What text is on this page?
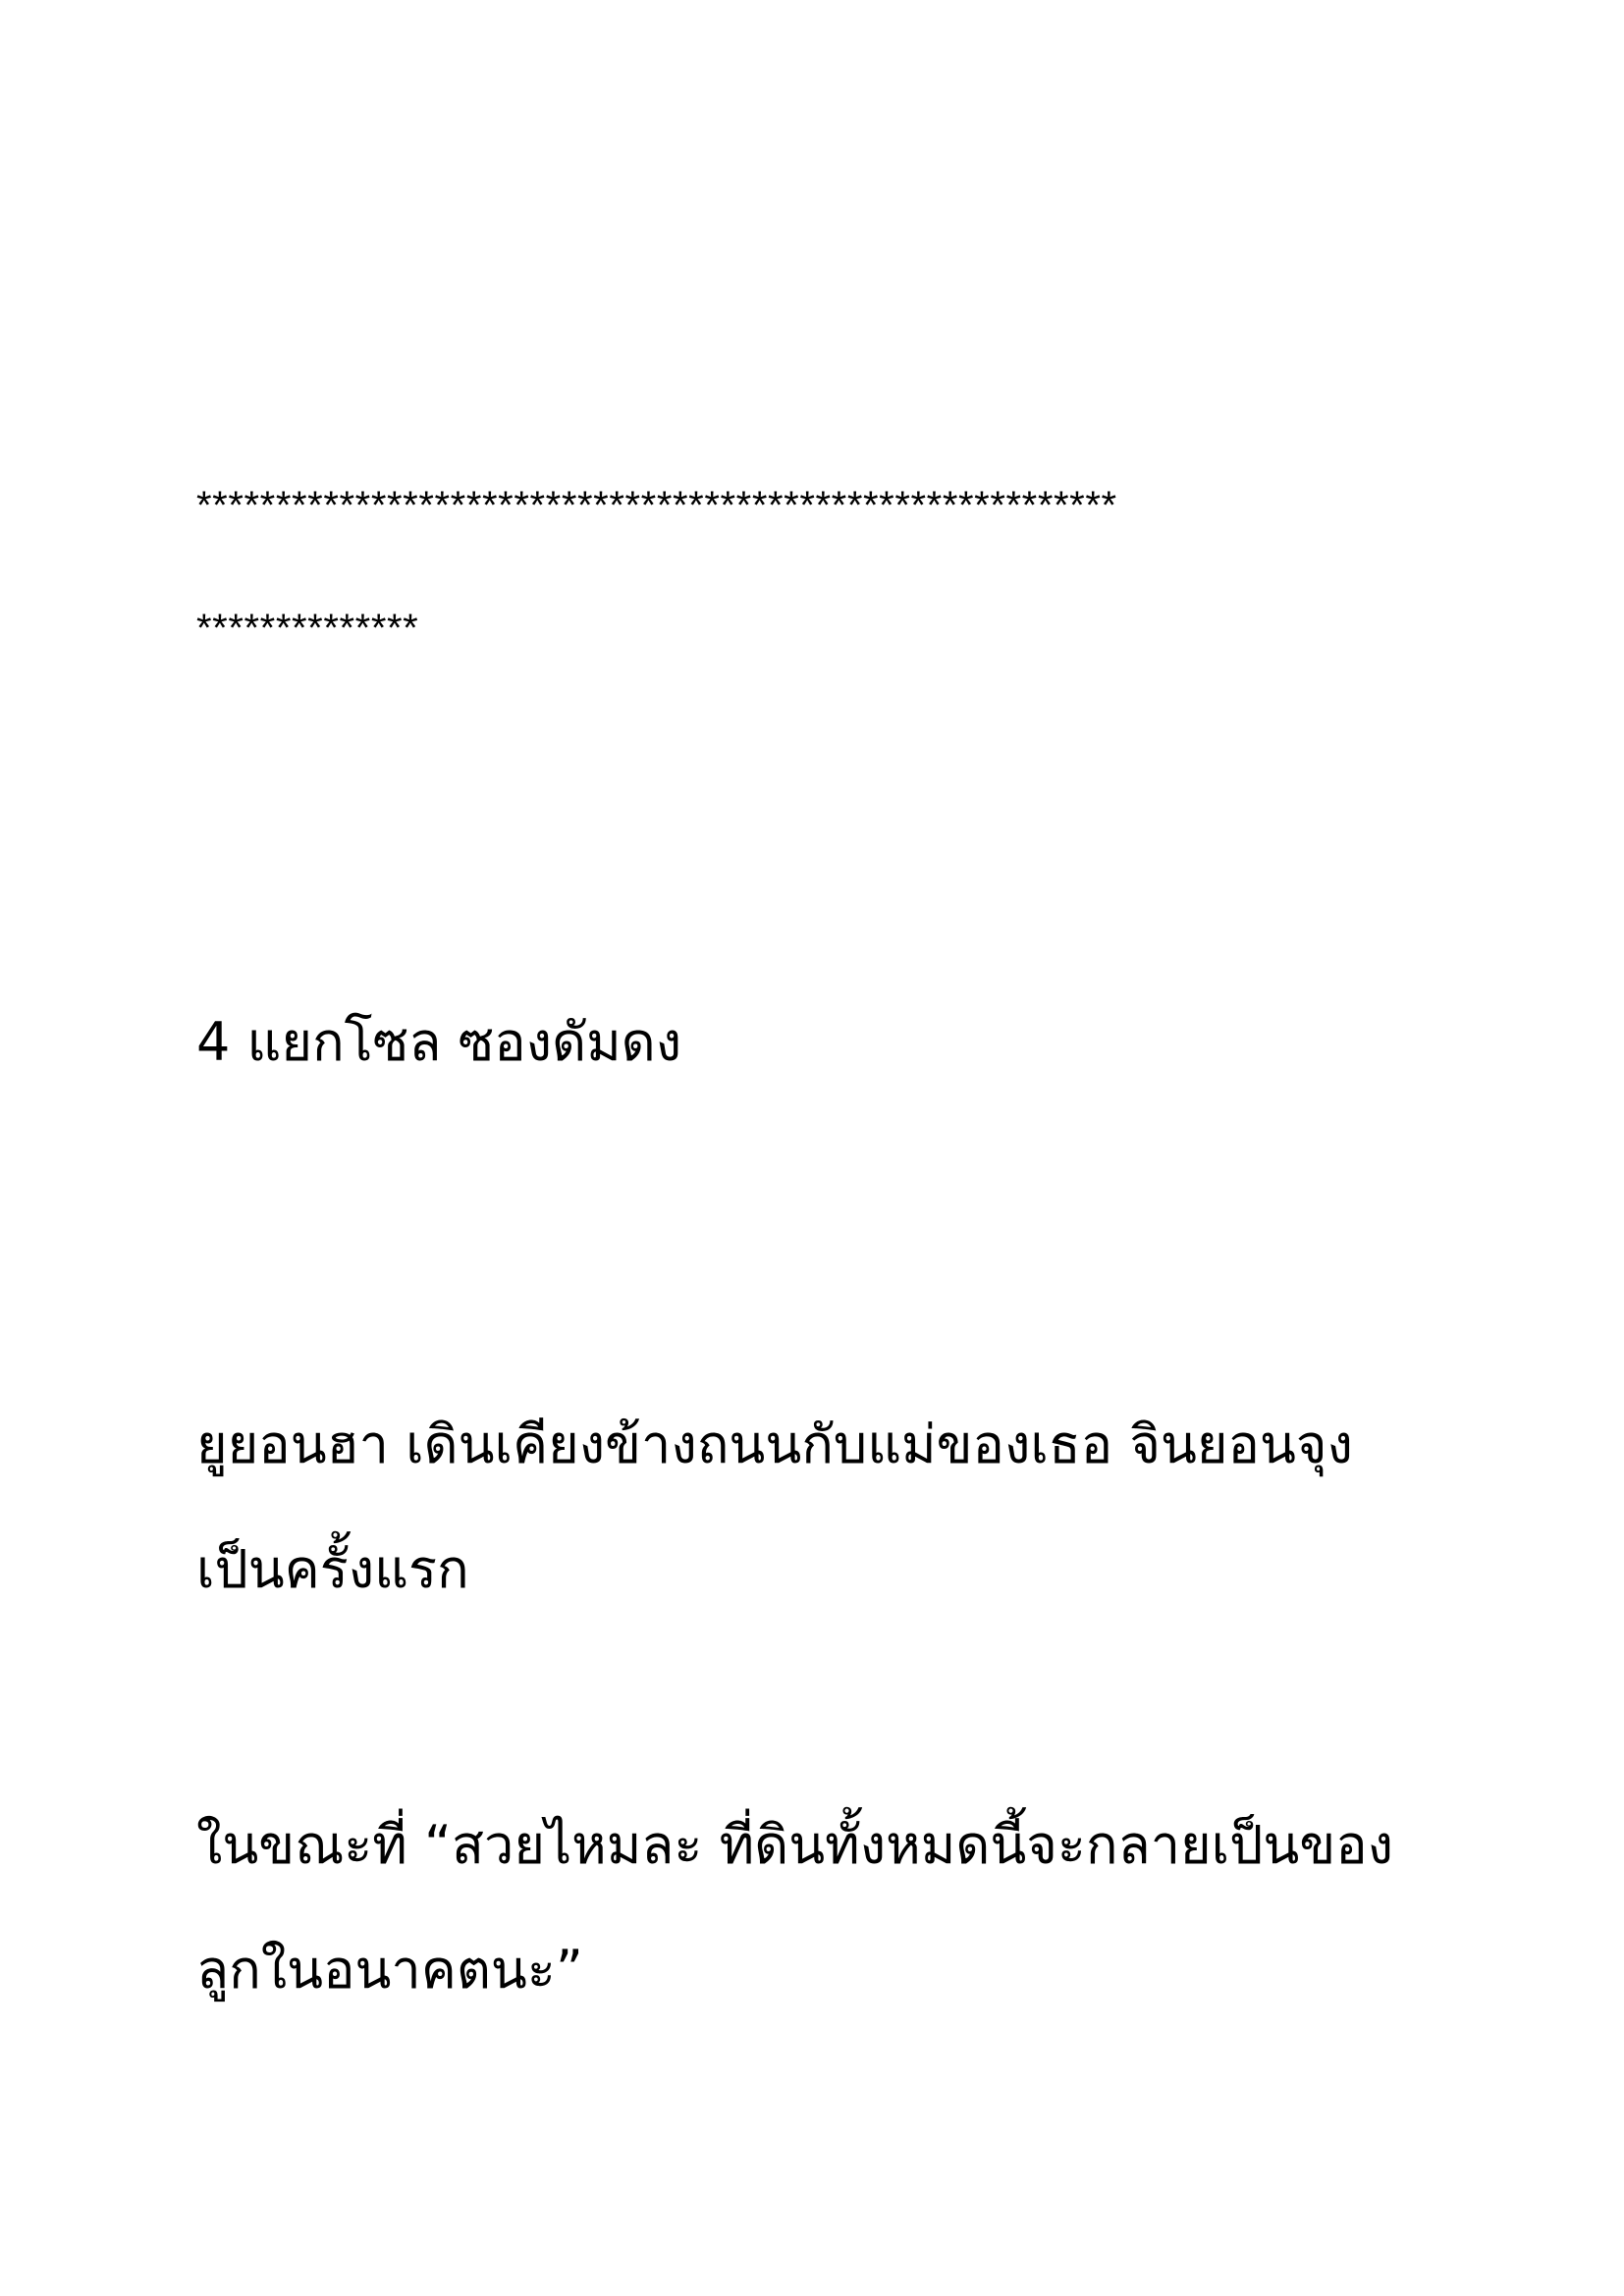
**********************************************************

**************

4 แยกโซล ซองดัมดง

ยูยอนฮา เดินเคียงข้างถนนกับแม่ของเธอ จินยอนจุง

เป็นครั้งแรก

ในขณะที่ “สวยไหมละ ที่ดินทั้งหมดนี้จะกลายเป็นของ

ลูกในอนาคตนะ”
